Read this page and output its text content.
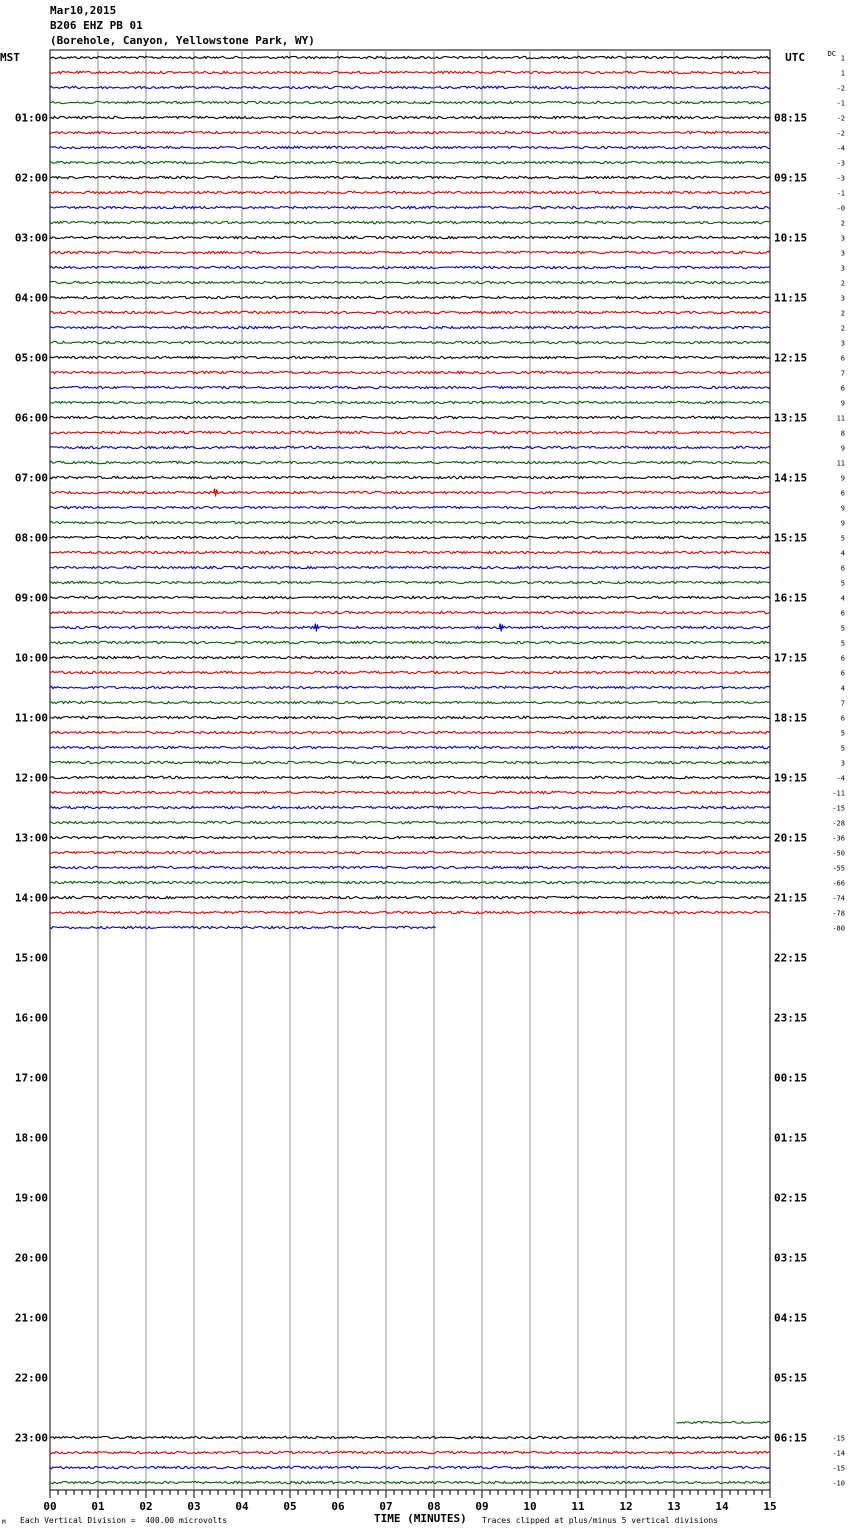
Mar10,2015
B206 EHZ PB 01
(Borehole, Canyon, Yellowstone Park, WY)
1
1
-2
-1
-2
-2
-4
-3
-3
-1
-0
2
3
3
3
2
3
2
2
3
6
7
6
9
11
8
9
11
9
6
9
9
5
4
6
5
4
6
5
5
6
6
4
7
6
5
5
3
-4
-11
-15
-28
-36
-50
-55
-66
-74
-78
-80
-15
-14
-15
-10
MST	UTC	DC
01:00
02:00
03:00
04:00
05:00
06:00
07:00
08:00
09:00
10:00
11:00
12:00
13:00
14:00
15:00
16:00
17:00
18:00
19:00
20:00
21:00
22:00
23:00
08:15
09:15
10:15
11:15
12:15
13:15
14:15
15:15
16:15
17:15
18:15
19:15
20:15
21:15
22:15
23:15
00:15
01:15
02:15
03:15
04:15
05:15
06:15
00	01	02	03	04	05	06	07	08	09	10	11	12	13	14	15
TIME (MINUTES)
Each Vertical Division =  400.00 microvolts	Traces clipped at plus/minus 5 vertical divisions
M
